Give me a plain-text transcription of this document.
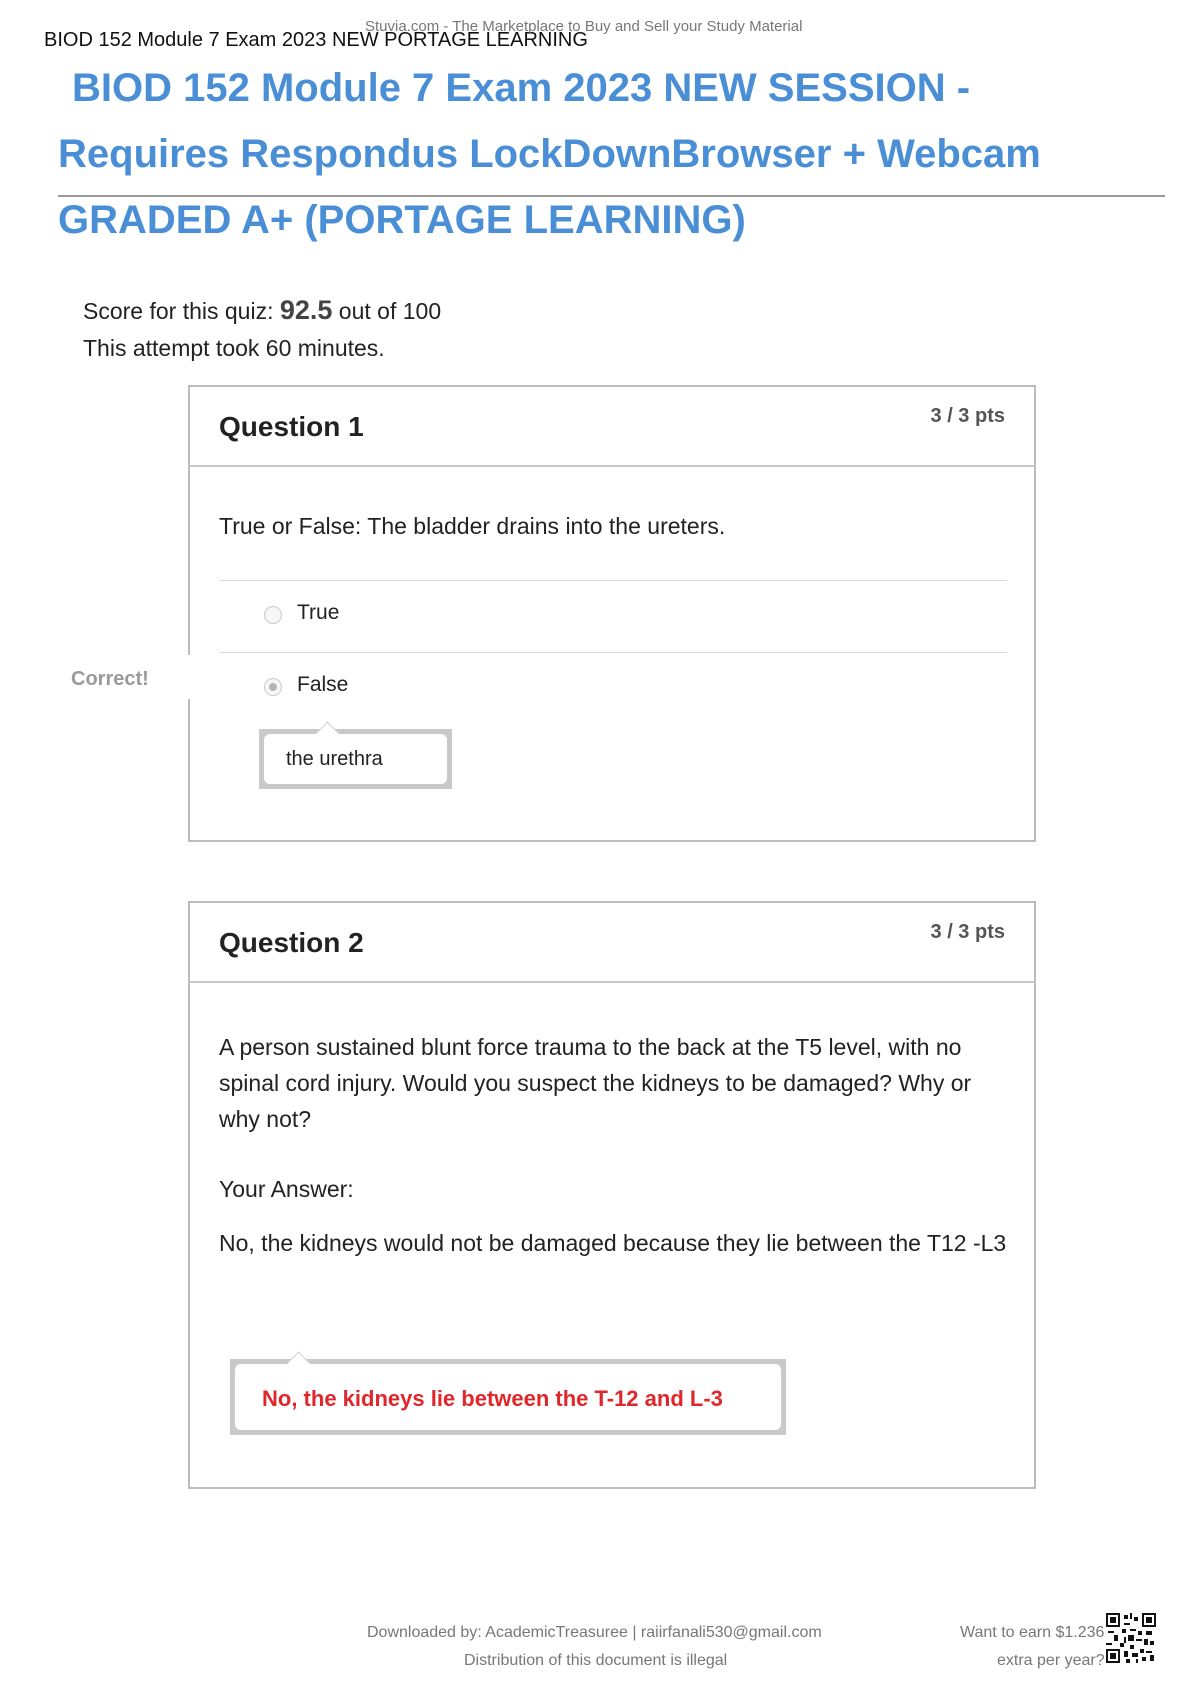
BIOD 152 Module 7 Exam 2023 NEW PORTAGE LEARNING
Stuvia.com - The Marketplace to Buy and Sell your Study Material
BIOD 152 Module 7 Exam 2023 NEW SESSION -
Requires Respondus LockDownBrowser + Webcam
GRADED A+ (PORTAGE LEARNING)
Score for this quiz: 92.5 out of 100
This attempt took 60 minutes.
Question 1	3 / 3 pts
True or False: The bladder drains into the ureters.
True
False
Correct!
the urethra
Question 2	3 / 3 pts
A person sustained blunt force trauma to the back at the T5 level, with no spinal cord injury. Would you suspect the kidneys to be damaged? Why or why not?
Your Answer:
No, the kidneys would not be damaged because they lie between the T12 -L3
No, the kidneys lie between the T-12 and L-3
Downloaded by: AcademicTreasuree | raiirfanali530@gmail.com
Distribution of this document is illegal
Want to earn $1.236
extra per year?
